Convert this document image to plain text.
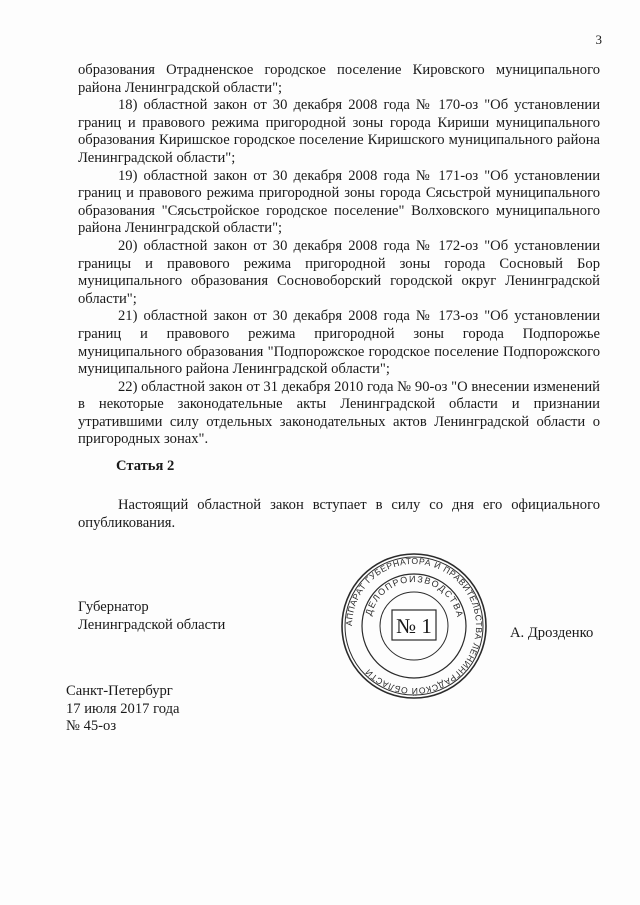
3

образования Отрадненское городское поселение Кировского муниципального района Ленинградской области";

18) областной закон от 30 декабря 2008 года № 170-оз "Об установлении границ и правового режима пригородной зоны города Кириши муниципального образования Киришское городское поселение Киришского муниципального района Ленинградской области";

19) областной закон от 30 декабря 2008 года № 171-оз "Об установлении границ и правового режима пригородной зоны города Сясьстрой муниципального образования "Сясьстройское городское поселение" Волховского муниципального района Ленинградской области";

20) областной закон от 30 декабря 2008 года № 172-оз "Об установлении границы и правового режима пригородной зоны города Сосновый Бор муниципального образования Сосновоборский городской округ Ленинградской области";

21) областной закон от 30 декабря 2008 года № 173-оз "Об установлении границ и правового режима пригородной зоны города Подпорожье муниципального образования "Подпорожское городское поселение Подпорожского муниципального района Ленинградской области";

22) областной закон от 31 декабря 2010 года № 90-оз "О внесении изменений в некоторые законодательные акты Ленинградской области и признании утратившими силу отдельных законодательных актов Ленинградской области о пригородных зонах".

Статья 2
Настоящий областной закон вступает в силу со дня его официального опубликования.
Губернатор
Ленинградской области	АППАРАТ ГУБЕРНАТОРА И ПРАВИТЕЛЬСТВА ЛЕНИНГРАДСКОЙ ОБЛАСТИ
ДЕЛОПРОИЗВОДСТВА
№ 1	А. Дрозденко
Санкт-Петербург
17 июля 2017 года
№ 45-оз
